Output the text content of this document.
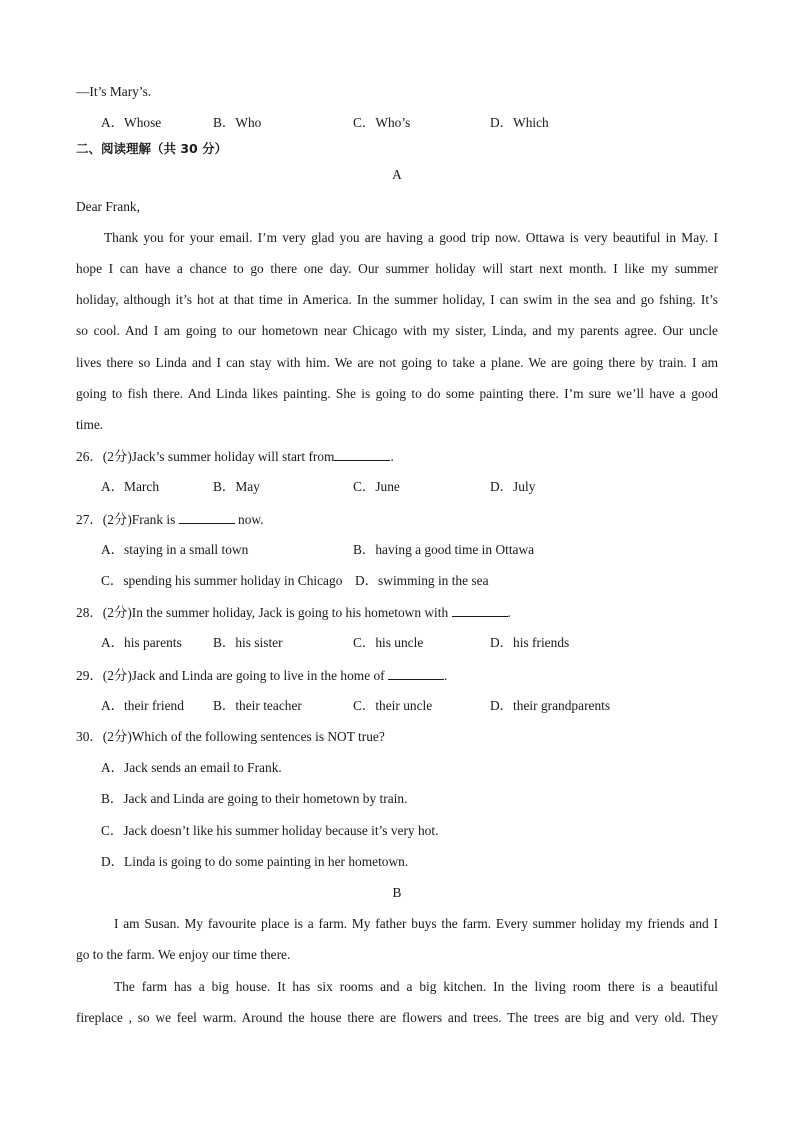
—It’s Mary’s.
A．Whose	B．Who	C．Who’s	D．Which
二、阅读理解（共 30 分）
A
Dear Frank,
Thank you for your email. I’m very glad you are having a good trip now. Ottawa is very beautiful in May. I
hope I can have a chance to go there one day. Our summer holiday will start next month. I like my summer
holiday, although it’s hot at that time in America. In the summer holiday, I can swim in the sea and go fshing. It’s
so cool. And I am going to our hometown near Chicago with my sister, Linda, and my parents agree. Our uncle
lives there so Linda and I can stay with him. We are not going to take a plane. We are going there by train. I am
going to fish there. And Linda likes painting. She is going to do some painting there. I’m sure we’ll have a good
time.
26．(2分)Jack’s summer holiday will start from	.
A．March	B．May	C．June	D．July
27．(2分)Frank is	now.
A．staying in a small town	B．having a good time in Ottawa
C．spending his summer holiday in Chicago D．swimming in the sea
28．(2分)In the summer holiday, Jack is going to his hometown with	.
A．his parents B．his sister	C．his uncle	D．his friends
29．(2分)Jack and Linda are going to live in the home of	.
A．their friend B．their teacher	C．their uncle	D．their grandparents
30．(2分)Which of the following sentences is NOT true?
A．Jack sends an email to Frank.
B．Jack and Linda are going to their hometown by train.
C．Jack doesn’t like his summer holiday because it’s very hot.
D．Linda is going to do some painting in her hometown.
B
I am Susan. My favourite place is a farm. My father buys the farm. Every summer holiday my friends and I
go to the farm. We enjoy our time there.
The farm has a big house. It has six rooms and a big kitchen. In the living room there is a beautiful
fireplace , so we feel warm. Around the house there are flowers and trees. The trees are big and very old. They
